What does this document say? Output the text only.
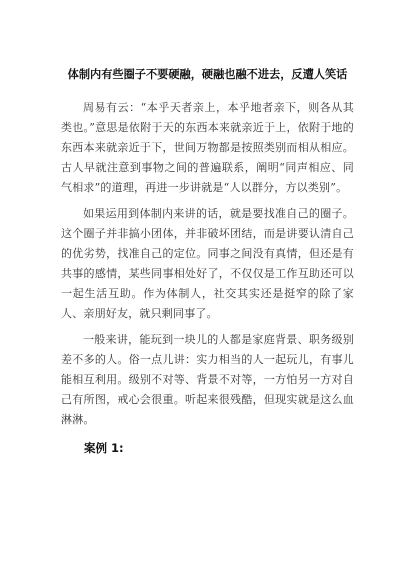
体制内有些圈子不要硬融，硬融也融不进去，反遭人笑话

周易有云：“本乎天者亲上，本乎地者亲下，则各从其类也。”意思是依附于天的东西本来就亲近于上，依附于地的东西本来就亲近于下，世间万物都是按照类别而相从相应。古人早就注意到事物之间的普遍联系，阐明“同声相应、同气相求”的道理，再进一步讲就是“人以群分，方以类别”。

如果运用到体制内来讲的话，就是要找准自己的圈子。这个圈子并非搞小团体，并非破坏团结，而是讲要认清自己的优劣势，找准自己的定位。同事之间没有真情，但还是有共事的感情，某些同事相处好了，不仅仅是工作互助还可以一起生活互助。作为体制人，社交其实还是挺窄的除了家人、亲朋好友，就只剩同事了。

一般来讲，能玩到一块儿的人都是家庭背景、职务级别差不多的人。俗一点儿讲：实力相当的人一起玩儿，有事儿能相互利用。级别不对等、背景不对等，一方怕另一方对自己有所图，戒心会很重。听起来很残酷，但现实就是这么血淋淋。

案例 1:
